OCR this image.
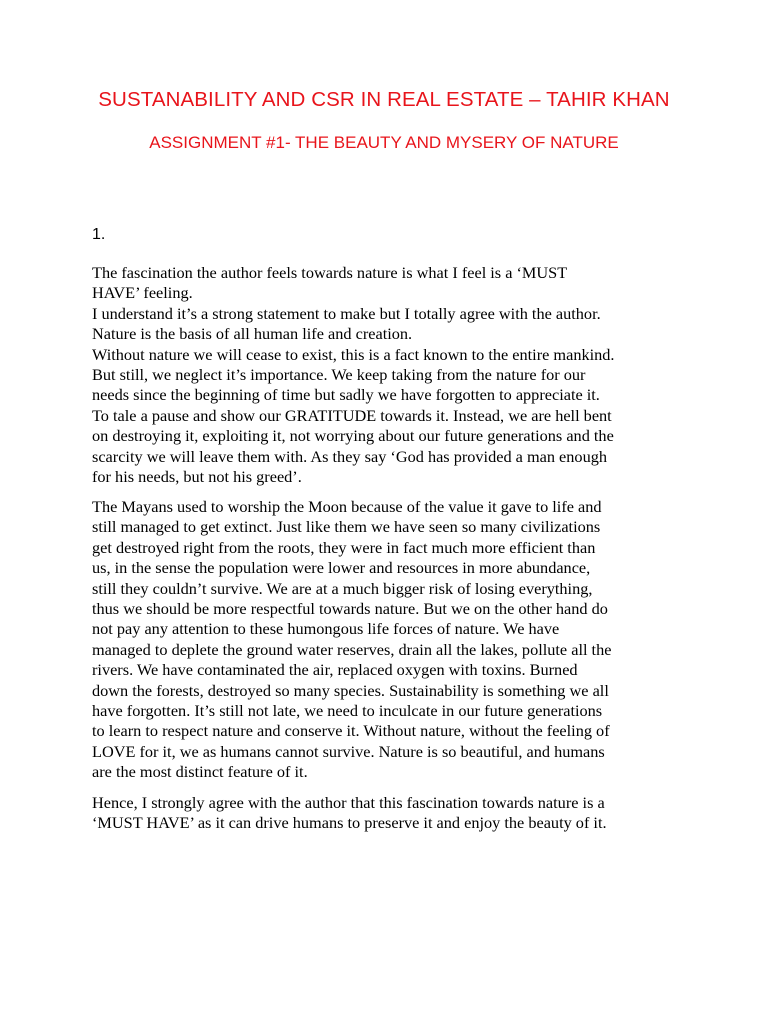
SUSTANABILITY AND CSR IN REAL ESTATE – TAHIR KHAN
ASSIGNMENT #1- THE BEAUTY AND MYSERY OF NATURE
1.
The fascination the author feels towards nature is what I feel is a ‘MUST
HAVE’ feeling.
I understand it’s a strong statement to make but I totally agree with the author.
Nature is the basis of all human life and creation.
Without nature we will cease to exist, this is a fact known to the entire mankind.
But still, we neglect it’s importance. We keep taking from the nature for our
needs since the beginning of time but sadly we have forgotten to appreciate it.
To tale a pause and show our GRATITUDE towards it. Instead, we are hell bent
on destroying it, exploiting it, not worrying about our future generations and the
scarcity we will leave them with. As they say ‘God has provided a man enough
for his needs, but not his greed’.
The Mayans used to worship the Moon because of the value it gave to life and
still managed to get extinct. Just like them we have seen so many civilizations
get destroyed right from the roots, they were in fact much more efficient than
us, in the sense the population were lower and resources in more abundance,
still they couldn’t survive. We are at a much bigger risk of losing everything,
thus we should be more respectful towards nature. But we on the other hand do
not pay any attention to these humongous life forces of nature. We have
managed to deplete the ground water reserves, drain all the lakes, pollute all the
rivers. We have contaminated the air, replaced oxygen with toxins. Burned
down the forests, destroyed so many species. Sustainability is something we all
have forgotten. It’s still not late, we need to inculcate in our future generations
to learn to respect nature and conserve it. Without nature, without the feeling of
LOVE for it, we as humans cannot survive. Nature is so beautiful, and humans
are the most distinct feature of it.
Hence, I strongly agree with the author that this fascination towards nature is a
‘MUST HAVE’ as it can drive humans to preserve it and enjoy the beauty of it.
